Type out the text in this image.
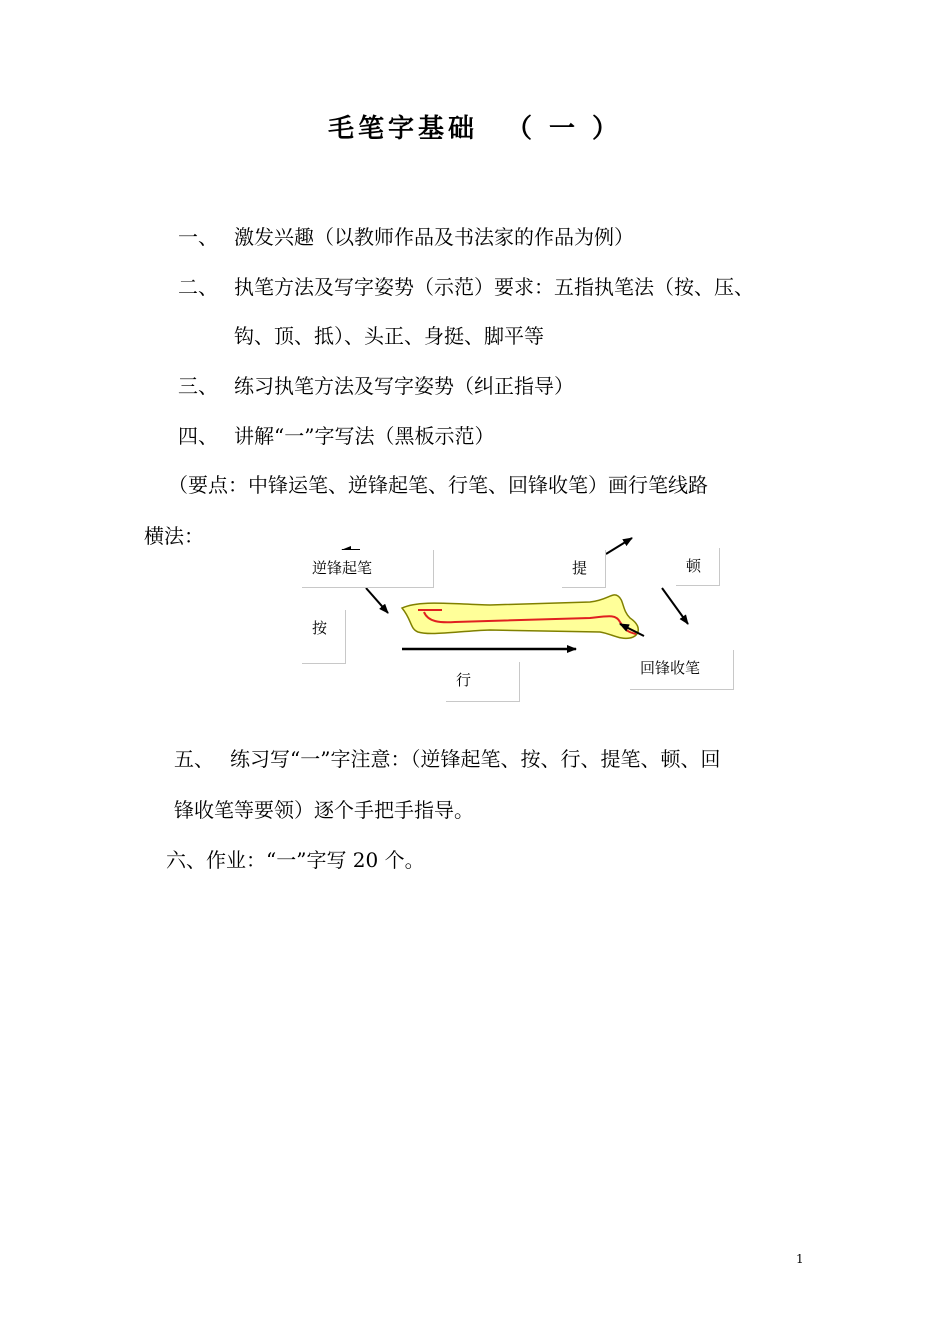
毛笔字基础 （ 一 ）
一、 激发兴趣（以教师作品及书法家的作品为例）
二、 执笔方法及写字姿势（示范）要求：五指执笔法（按、压、
钩、顶、抵）、头正、身挺、脚平等
三、 练习执笔方法及写字姿势（纠正指导）
四、 讲解“一”字写法（黑板示范）
（要点：中锋运笔、逆锋起笔、行笔、回锋收笔）画行笔线路
横法：
逆锋起笔	提	顿
按
回锋收笔
行
五、 练习写“一”字注意：（逆锋起笔、按、行、提笔、顿、回
锋收笔等要领）逐个手把手指导。
六、作业：“一”字写 20 个。
1
